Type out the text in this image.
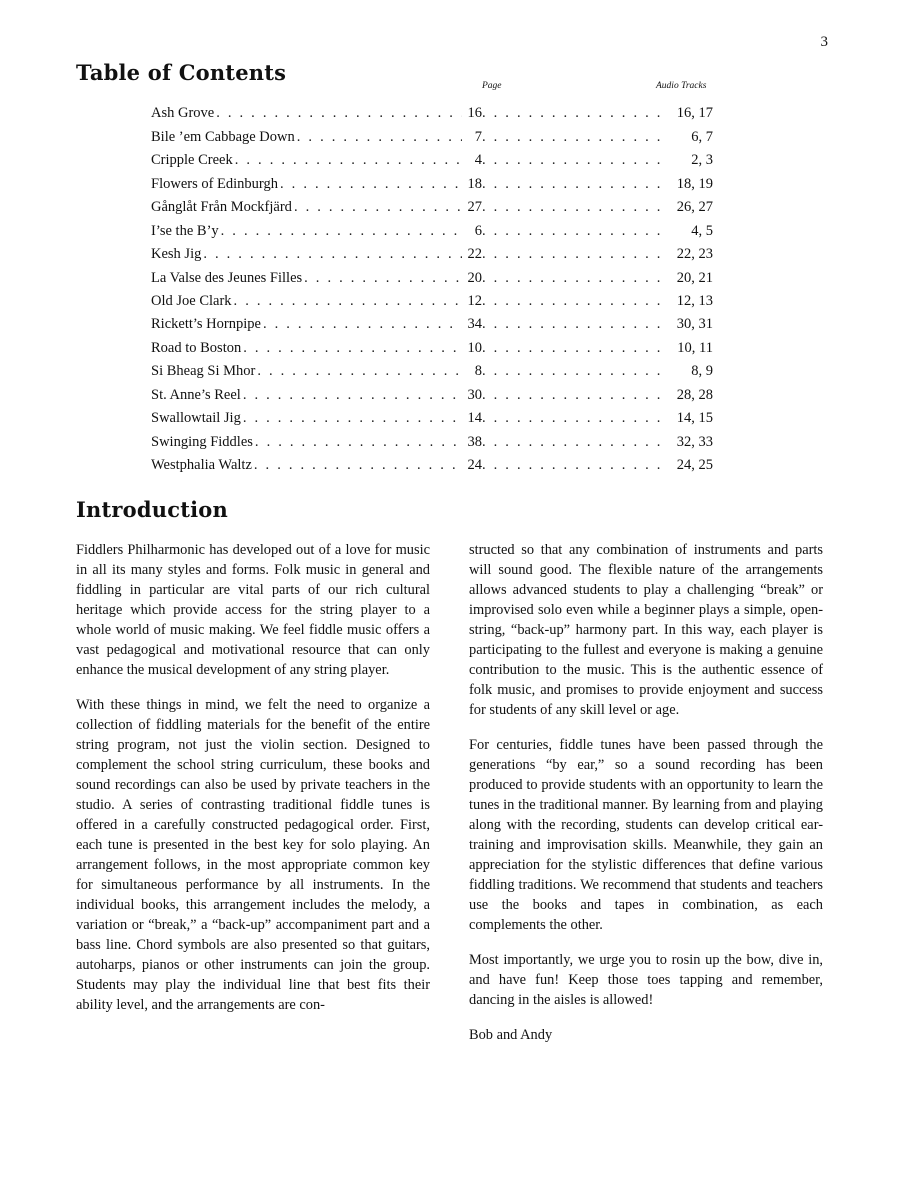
3
Table of Contents
Page	Audio Tracks
Ash Grove . . .	16 . . .	16, 17
Bile ’em Cabbage Down . . .	7 . . .	6, 7
Cripple Creek . . .	4 . . .	2, 3
Flowers of Edinburgh . . .	18 . . .	18, 19
Gånglåt Från Mockfjärd . . .	27 . . .	26, 27
I’se the B’y . . .	6 . . .	4, 5
Kesh Jig . . .	22 . . .	22, 23
La Valse des Jeunes Filles . . .	20 . . .	20, 21
Old Joe Clark . . .	12 . . .	12, 13
Rickett’s Hornpipe . . .	34 . . .	30, 31
Road to Boston . . .	10 . . .	10, 11
Si Bheag Si Mhor . . .	8 . . .	8, 9
St. Anne’s Reel . . .	30 . . .	28, 28
Swallowtail Jig . . .	14 . . .	14, 15
Swinging Fiddles . . .	38 . . .	32, 33
Westphalia Waltz . . .	24 . . .	24, 25
Introduction

Fiddlers Philharmonic has developed out of a love for music in all its many styles and forms. Folk music in general and fiddling in particular are vital parts of our rich cultural heritage which provide access for the string player to a whole world of music making. We feel fiddle music offers a vast pedagogical and motivational resource that can only enhance the musical development of any string player.

With these things in mind, we felt the need to organize a collection of fiddling materials for the benefit of the entire string program, not just the violin section. Designed to complement the school string curriculum, these books and sound recordings can also be used by private teachers in the studio. A series of contrasting traditional fiddle tunes is offered in a carefully constructed pedagogical order. First, each tune is presented in the best key for solo playing. An arrangement follows, in the most appropriate common key for simultaneous performance by all instruments. In the individual books, this arrangement includes the melody, a variation or “break,” a “back-up” accompaniment part and a bass line. Chord symbols are also presented so that guitars, autoharps, pianos or other instruments can join the group. Students may play the individual line that best fits their ability level, and the arrangements are con-

structed so that any combination of instruments and parts will sound good. The flexible nature of the arrangements allows advanced students to play a challenging “break” or improvised solo even while a beginner plays a simple, open-string, “back-up” harmony part. In this way, each player is participating to the fullest and everyone is making a genuine contribution to the music. This is the authentic essence of folk music, and promises to provide enjoyment and success for students of any skill level or age.

For centuries, fiddle tunes have been passed through the generations “by ear,” so a sound recording has been produced to provide students with an opportunity to learn the tunes in the traditional manner. By learning from and playing along with the recording, students can develop critical ear-training and improvisation skills. Meanwhile, they gain an appreciation for the stylistic differences that define various fiddling traditions. We recommend that students and teachers use the books and tapes in combination, as each complements the other.

Most importantly, we urge you to rosin up the bow, dive in, and have fun! Keep those toes tapping and remember, dancing in the aisles is allowed!

Bob and Andy
